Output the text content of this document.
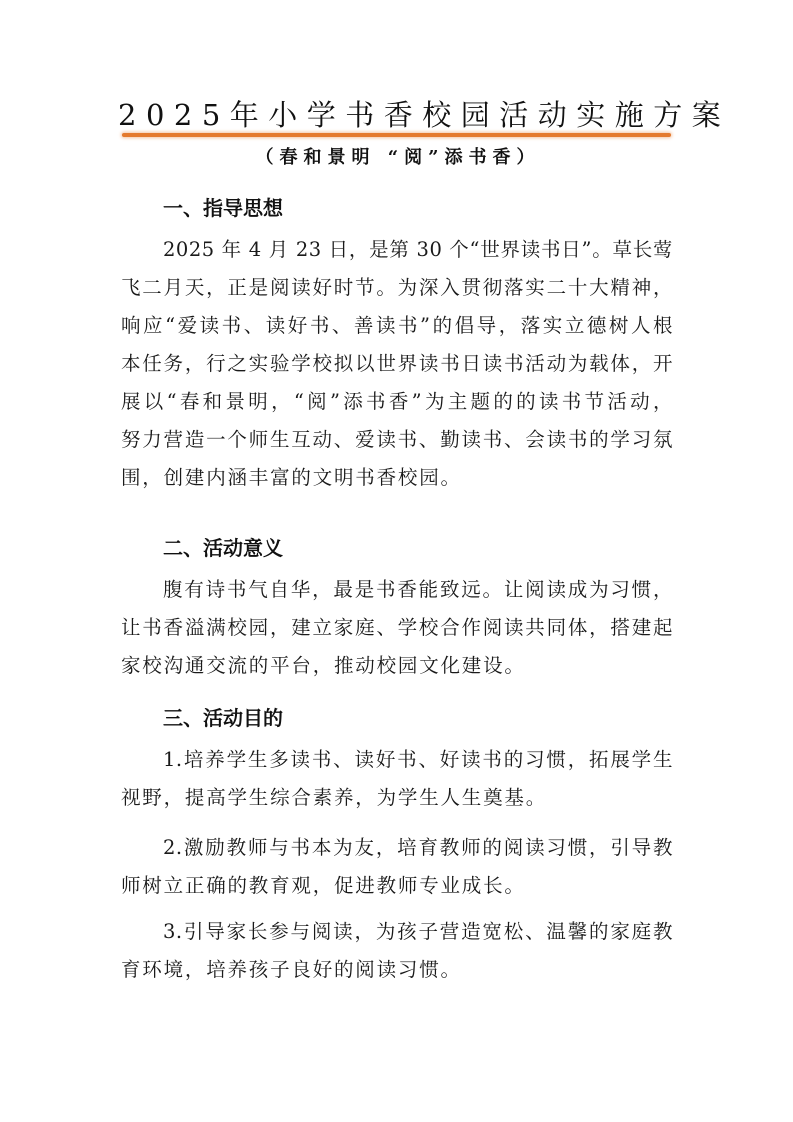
2025年小学书香校园活动实施方案
（春和景明 “阅”添书香）
一、指导思想
2025 年 4 月 23 日，是第 30 个“世界读书日”。草长莺
飞二月天，正是阅读好时节。为深入贯彻落实二十大精神，
响应“爱读书、读好书、善读书”的倡导，落实立德树人根
本任务，行之实验学校拟以世界读书日读书活动为载体，开
展以“春和景明，“阅”添书香”为主题的的读书节活动，
努力营造一个师生互动、爱读书、勤读书、会读书的学习氛
围，创建内涵丰富的文明书香校园。
二、活动意义
腹有诗书气自华，最是书香能致远。让阅读成为习惯，
让书香溢满校园，建立家庭、学校合作阅读共同体，搭建起
家校沟通交流的平台，推动校园文化建设。
三、活动目的
1.培养学生多读书、读好书、好读书的习惯，拓展学生
视野，提高学生综合素养，为学生人生奠基。
2.激励教师与书本为友，培育教师的阅读习惯，引导教
师树立正确的教育观，促进教师专业成长。
3.引导家长参与阅读，为孩子营造宽松、温馨的家庭教
育环境，培养孩子良好的阅读习惯。
